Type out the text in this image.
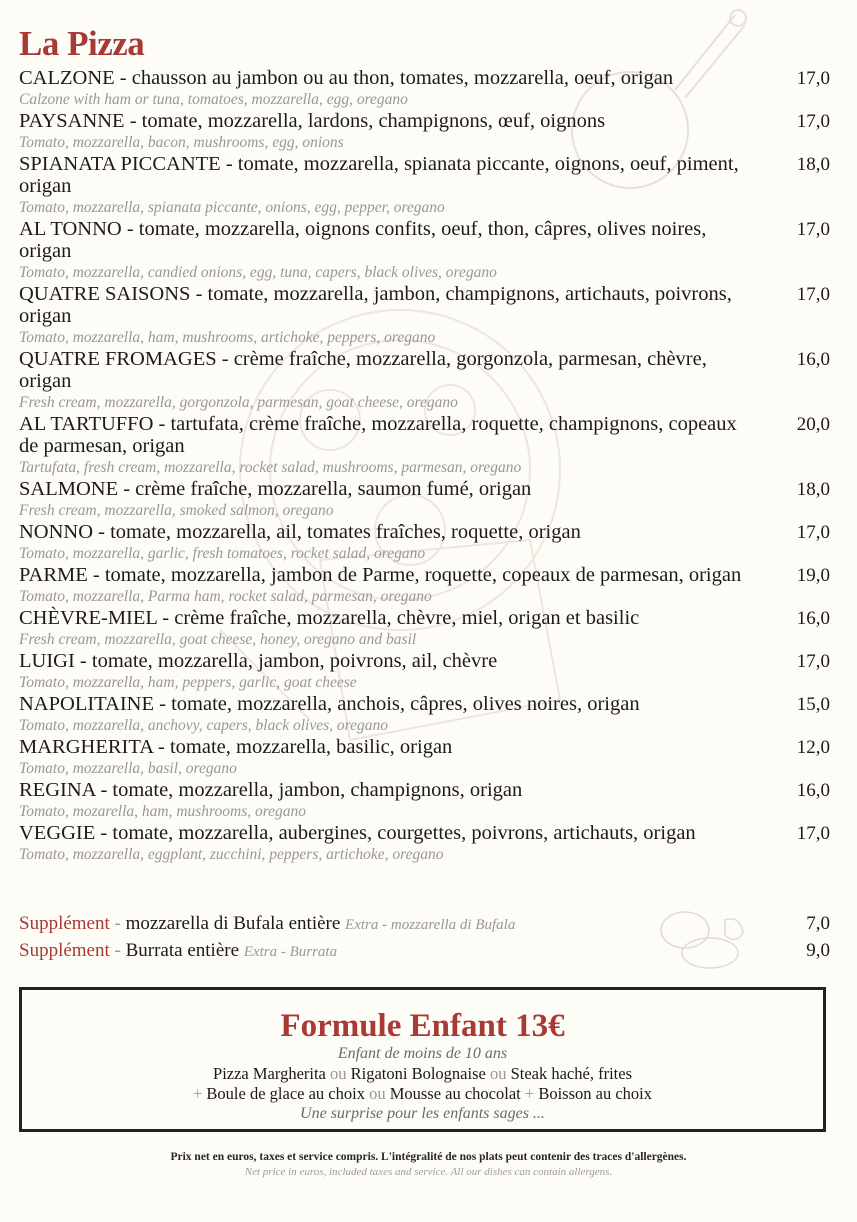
La Pizza
CALZONE - chausson au jambon ou au thon, tomates, mozzarella, oeuf, origan
Calzone with ham or tuna, tomatoes, mozzarella, egg, oregano
17,0
PAYSANNE - tomate, mozzarella, lardons, champignons, œuf, oignons
Tomato, mozzarella, bacon, mushrooms, egg, onions
17,0
SPIANATA PICCANTE - tomate, mozzarella, spianata piccante, oignons, oeuf, piment, origan
Tomato, mozzarella, spianata piccante, onions, egg, pepper, oregano
18,0
AL TONNO - tomate, mozzarella, oignons confits, oeuf, thon, câpres, olives noires, origan
Tomato, mozzarella, candied onions, egg, tuna, capers, black olives, oregano
17,0
QUATRE SAISONS - tomate, mozzarella, jambon, champignons, artichauts, poivrons, origan
Tomato, mozzarella, ham, mushrooms, artichoke, peppers, oregano
17,0
QUATRE FROMAGES - crème fraîche, mozzarella, gorgonzola, parmesan, chèvre, origan
Fresh cream, mozzarella, gorgonzola, parmesan, goat cheese, oregano
16,0
AL TARTUFFO - tartufata, crème fraîche, mozzarella, roquette, champignons, copeaux de parmesan, origan
Tartufata, fresh cream, mozzarella, rocket salad, mushrooms, parmesan, oregano
20,0
SALMONE - crème fraîche, mozzarella, saumon fumé, origan
Fresh cream, mozzarella, smoked salmon, oregano
18,0
NONNO - tomate, mozzarella, ail, tomates fraîches, roquette, origan
Tomato, mozzarella, garlic, fresh tomatoes, rocket salad, oregano
17,0
PARME - tomate, mozzarella, jambon de Parme, roquette, copeaux de parmesan, origan
Tomato, mozzarella, Parma ham, rocket salad, parmesan, oregano
19,0
CHÈVRE-MIEL - crème fraîche, mozzarella, chèvre, miel, origan et basilic
Fresh cream, mozzarella, goat cheese, honey, oregano and basil
16,0
LUIGI - tomate, mozzarella, jambon, poivrons, ail, chèvre
Tomato, mozzarella, ham, peppers, garlic, goat cheese
17,0
NAPOLITAINE - tomate, mozzarella, anchois, câpres, olives noires, origan
Tomato, mozzarella, anchovy, capers, black olives, oregano
15,0
MARGHERITA - tomate, mozzarella, basilic, origan
Tomato, mozzarella, basil, oregano
12,0
REGINA - tomate, mozzarella, jambon, champignons, origan
Tomato, mozarella, ham, mushrooms, oregano
16,0
VEGGIE - tomate, mozzarella, aubergines, courgettes, poivrons, artichauts, origan
Tomato, mozzarella, eggplant, zucchini, peppers, artichoke, oregano
17,0
Supplément - mozzarella di Bufala entière Extra - mozzarella di Bufala	7,0
Supplément - Burrata entière Extra - Burrata	9,0
Formule Enfant 13€
Enfant de moins de 10 ans
Pizza Margherita ou Rigatoni Bolognaise ou Steak haché, frites
+ Boule de glace au choix ou Mousse au chocolat + Boisson au choix
Une surprise pour les enfants sages ...
Prix net en euros, taxes et service compris. L'intégralité de nos plats peut contenir des traces d'allergènes.
Net price in euros, included taxes and service. All our dishes can contain allergens.
